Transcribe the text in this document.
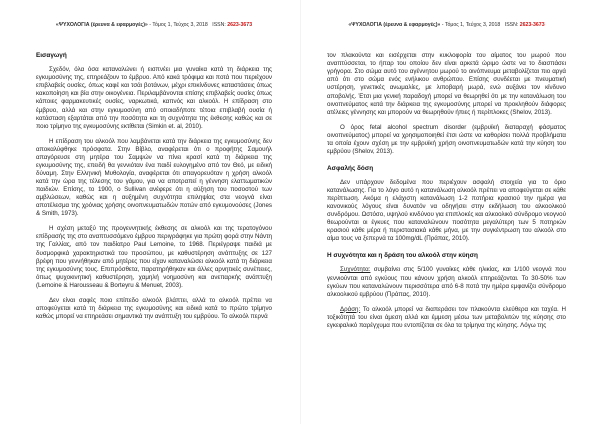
«ΨΥΧΟΛΟΓΙΑ (έρευνα & εφαρμογές)» - Τόμος 1, Τεύχος 3, 2018 ISSN: 2623-3673
Εισαγωγή

Σχεδόν, όλα όσα καταναλώνει ή εισπνέει μια γυναίκα κατά τη διάρκεια της εγκυμοσύνης της, επηρεάζουν το έμβρυο. Από κακά τρόφιμα και ποτά που περιέχουν επιβλαβείς ουσίες, όπως καφέ και τσάι βοτάνων, μέχρι επικίνδυνες καταστάσεις όπως κακοποίηση και βία στην οικογένεια. Περιλαμβάνονται επίσης επιβλαβείς ουσίες όπως κάποιες φαρμακευτικές ουσίες, ναρκωτικά, καπνός και αλκοόλ. Η επίδραση στο έμβρυο, αλλά και στην εγκυμοσύνη από οποιαδήποτε τέτοια επιβλαβή ουσία ή κατάσταση εξαρτάται από την ποσότητα και τη συχνότητα της έκθεσης καθώς και σε ποιο τρίμηνο της εγκυμοσύνης εκτίθεται (Simkin et. al, 2010).

Η επίδραση του αλκοόλ που λαμβάνεται κατά την διάρκεια της εγκυμοσύνης δεν αποκαλύφθηκε πρόσφατα. Στην Βίβλο, αναφέρεται ότι ο προφήτης Σαμουήλ απαγόρευσε στη μητέρα του Σαμψών να πίνει κρασί κατά τη διάρκεια της εγκυμοσύνης της, επειδή θα γεννιόταν ένα παιδί ευλογημένο από τον Θεό, με ειδική δύναμη. Στην Ελληνική Μυθολογία, αναφέρεται ότι απαγορευόταν η χρήση αλκοόλ κατά την ώρα της τέλεσης του γάμου, για να αποτραπεί η γέννηση ελαττωματικών παιδιών. Επίσης, το 1900, ο Sullivan ανέφερε ότι η αύξηση του ποσοστού των αμβλώσεων, καθώς και η αυξημένη συχνότητα επιληψίας στα νεογνά είναι αποτέλεσμα της χρόνιας χρήσης οινοπνευματωδών ποτών από εγκυμονούσες (Jones & Smith, 1973).

Η σχέση μεταξύ της προγεννητικής έκθεσης σε αλκοόλ και της τερατογόνου επίδρασής της στο αναπτυσσόμενο έμβρυο περιγράφηκε για πρώτη φορά στην Νάντη της Γαλλίας, από τον παιδίατρο Paul Lemoine, το 1968. Περιέγραψε παιδιά με δυσμορφικά χαρακτηριστικά του προσώπου, με καθυστέρηση ανάπτυξης σε 127 βρέφη που γεννήθηκαν από μητέρες που είχαν καταναλώσει αλκοόλ κατά τη διάρκεια της εγκυμοσύνης τους. Επιπρόσθετα, παρατηρήθηκαν και άλλες αρνητικές συνέπειες, όπως ψυχοκινητική καθυστέρηση, χαμηλή νοημοσύνη και ανεπαρκής ανάπτυξη (Lemoine & Harousseau & Borteyru & Menuet, 2003).

Δεν είναι σαφές ποιο επίπεδο αλκοόλ βλάπτει, αλλά το αλκοόλ πρέπει να αποφεύγεται κατά τη διάρκεια της εγκυμοσύνης και ειδικά κατά το πρώτο τρίμηνο καθώς μπορεί να επηρεάσει σημαντικά την ανάπτυξη του εμβρύου. Το αλκοόλ περνά

«ΨΥΧΟΛΟΓΙΑ (έρευνα & εφαρμογές)» - Τόμος 1, Τεύχος 3, 2018 ISSN: 2623-3673

τον πλακούντα και εισέρχεται στην κυκλοφορία του αίματος του μωρού που αναπτύσσεται, το ήπαρ του οποίου δεν είναι αρκετά ώριμο ώστε να το διασπάσει γρήγορα. Στο σώμα αυτό του αγέννητου μωρού το οινόπνευμα μεταβολίζεται πιο αργά από ότι στο σώμα ενός ενήλικου ανθρώπου. Επίσης συνδέεται με πνευματική υστέρηση, γενετικές ανωμαλίες, με λιποβαρή μωρά, ενώ αυξάνει τον κίνδυνο αποβολής. Έτσι μια γενική παραδοχή μπορεί να θεωρηθεί ότι με την κατανάλωση του οινοπνεύματος κατά την διάρκεια της εγκυμοσύνης μπορεί να προκληθούν διάφορες ατέλειες γέννησης και μπορούν να θεωρηθούν ήπιες ή περίπλοκες (Shelov, 2013).

Ο όρος fetal alcohol spectrum disorder (εμβρυϊκή διαταραχή φάσματος οινοπνεύματος) μπορεί να χρησιμοποιηθεί έτσι ώστε να καθορίσει πολλά προβλήματα τα οποία έχουν σχέση με την εμβρυϊκή χρήση οινοπνευματωδών κατά την κύηση του εμβρύου (Shelov, 2013).

Ασφαλής δόση

Δεν υπάρχουν δεδομένα που περιέχουν ασφαλή στοιχεία για το όριο κατανάλωσης. Για το λόγο αυτό η κατανάλωση αλκοόλ πρέπει να αποφεύγεται σε κάθε περίπτωση. Ακόμα η ελάχιστη κατανάλωση 1-2 ποτήρια κρασιού την ημέρα για κανονικούς λόγους είναι δυνατόν να οδηγήσει στην εκδήλωση του αλκοολικού συνδρόμου. Ωστόσο, υψηλού κινδύνου για επιπλοκές και αλκοολικό σύνδρομο νεογνού θεωρούνται οι έγκυες που καταναλώνουν ποσότητα μεγαλύτερη των 5 ποτηριών κρασιού κάθε μέρα ή περιστασιακά κάθε μήνα, με την συγκέντρωση του αλκοόλ στο αίμα τους να ξεπερνά τα 100mg/dL (Πράπας, 2010).

Η συχνότητα και η δράση του αλκοόλ στην κύηση

Συχνότητα: συμβαίνει στις 5/100 γυναίκες κάθε ηλικίας, και 1/100 νεογνά που γεννιούνται από εγκύους που κάνουν χρήση αλκοόλ επηρεάζονται. Το 30-50% των εγκύων που καταναλώνουν περισσότερα από 6-8 ποτά την ημέρα εμφανίζει σύνδρομο αλκοολικού εμβρύου (Πράπας, 2010).

Δράση: Το αλκοόλ μπορεί να διαπεράσει τον πλακούντα ελεύθερα και ταχέα. Η τοξικότητά του είναι άμεση αλλά και έμμεση μέσω των μεταβολιτών της κύησης στο εγκεφαλικό παρέγχυμα που εντοπίζεται σε όλα τα τρίμηνα της κύησης. Λόγω της
